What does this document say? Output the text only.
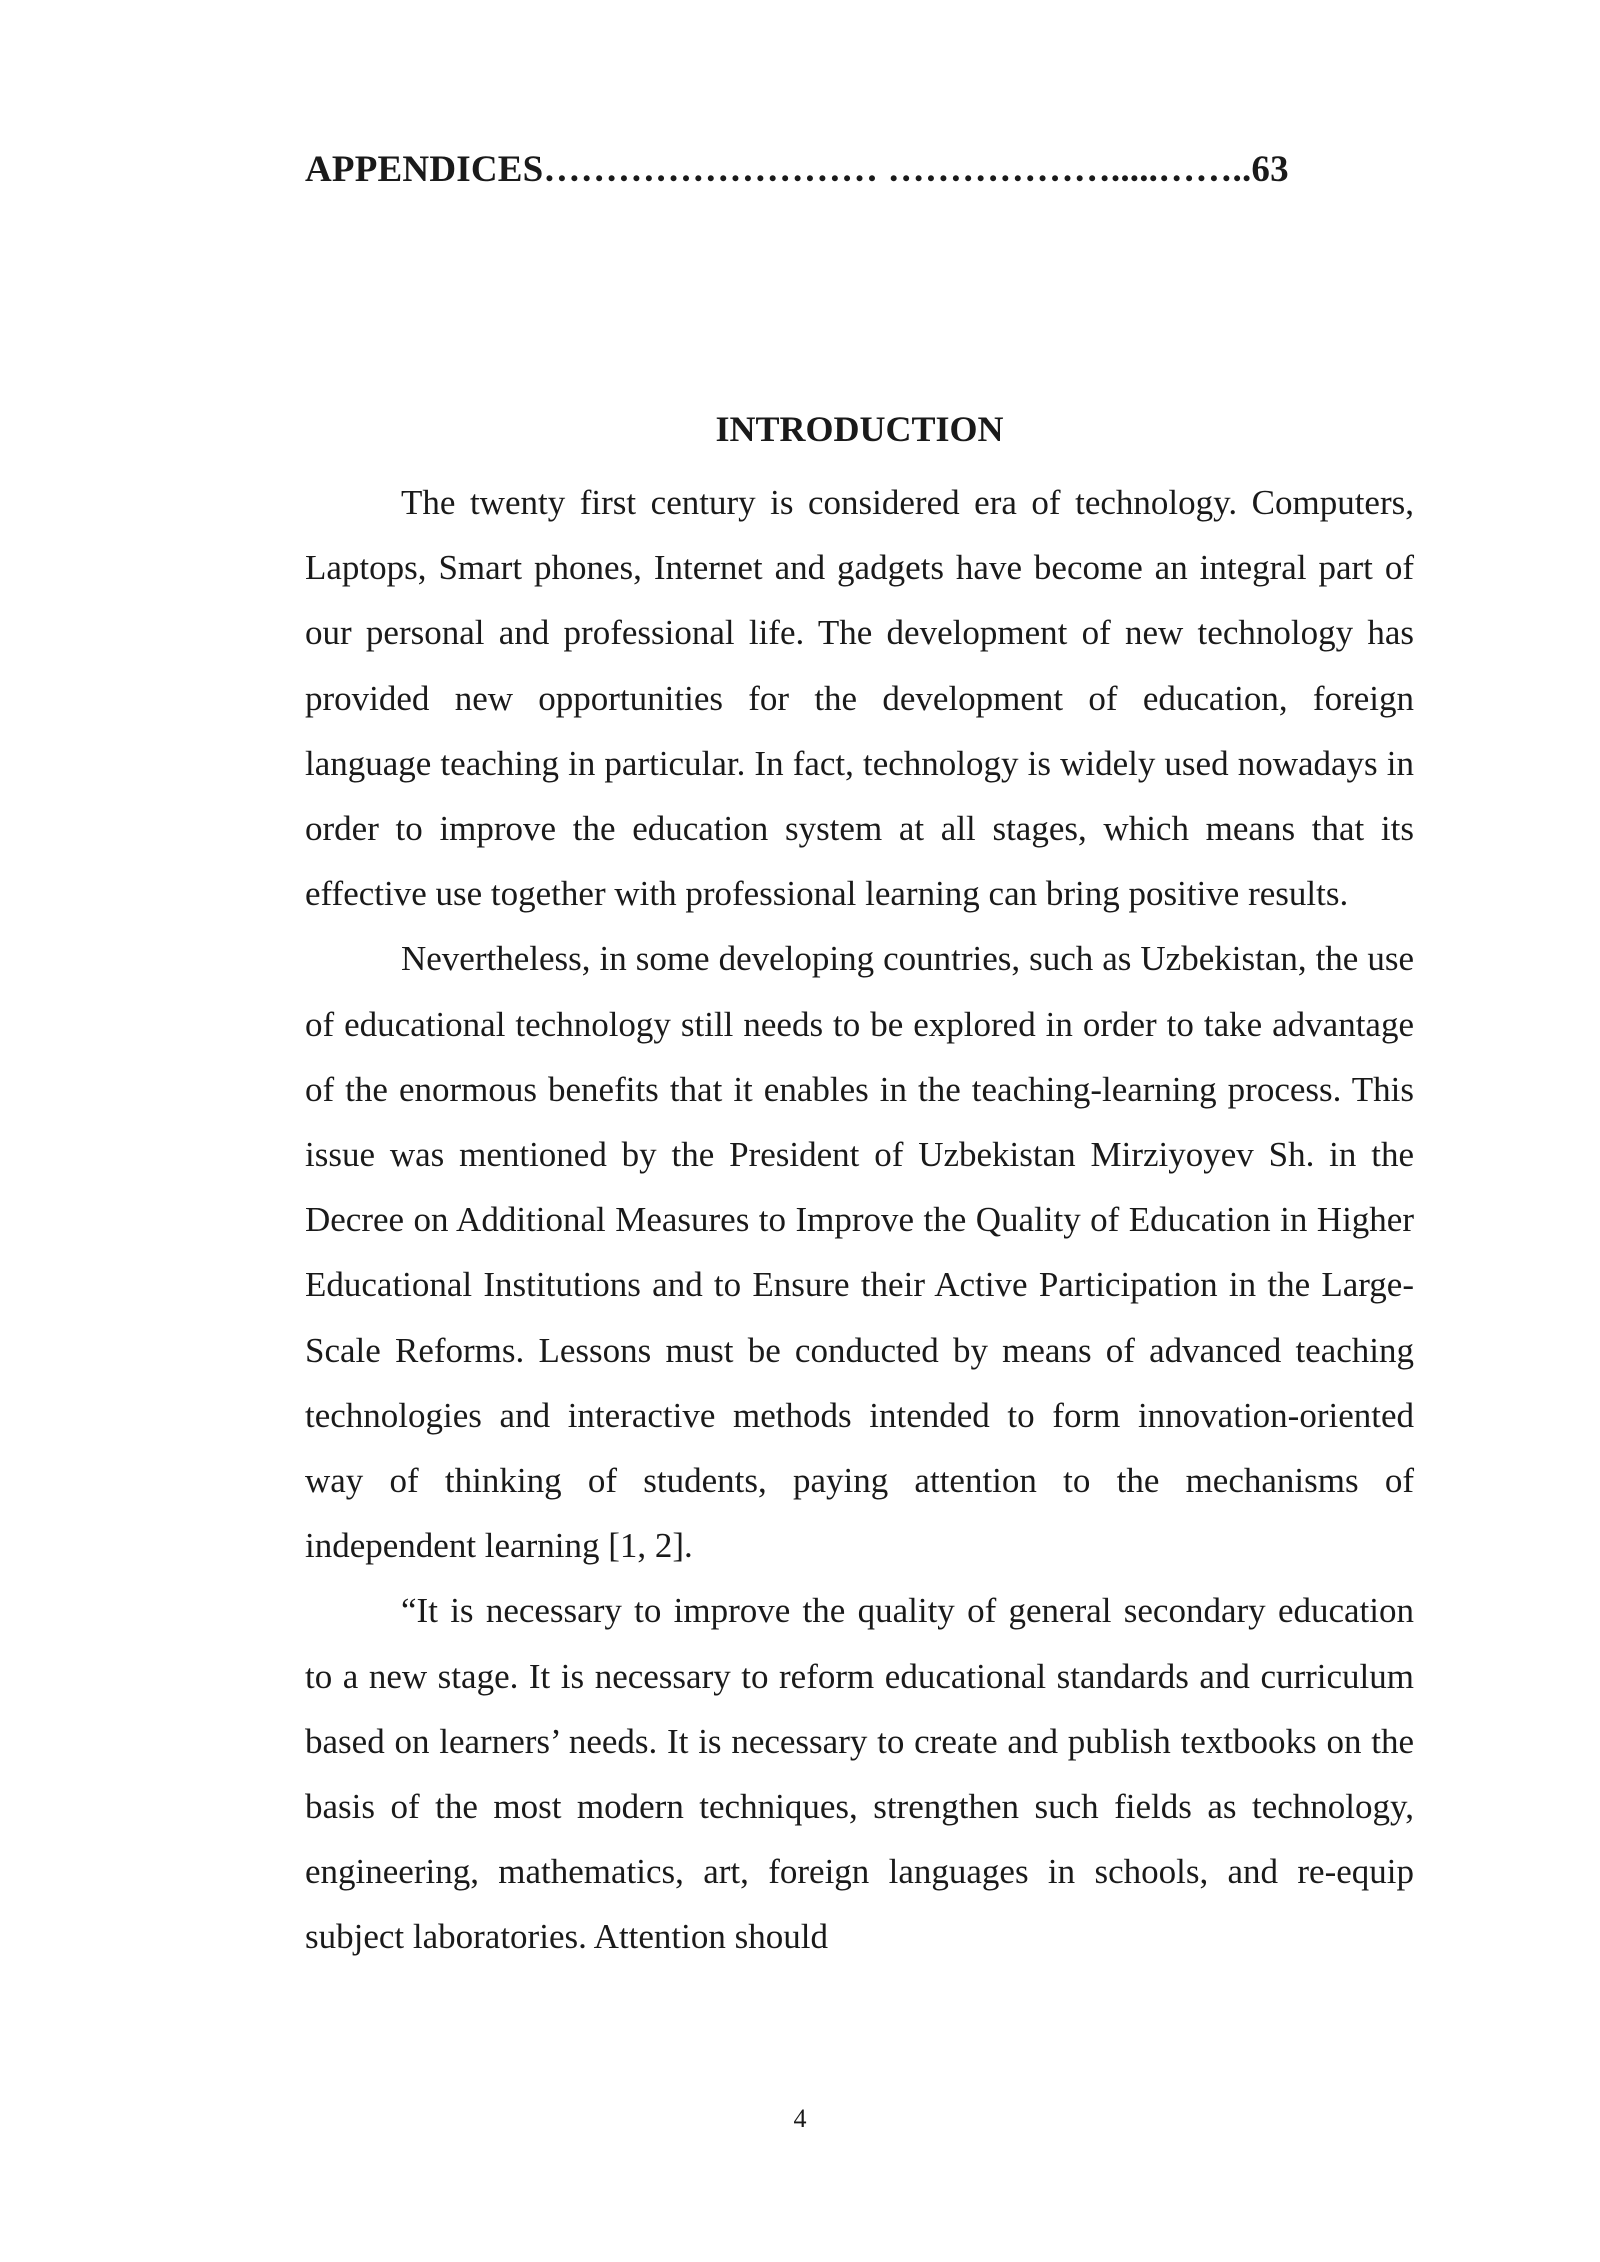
APPENDICES……………………… ……………….....……..63
INTRODUCTION

The twenty first century is considered era of technology. Computers, Laptops, Smart phones, Internet and gadgets have become an integral part of our personal and professional life. The development of new technology has provided new opportunities for the development of education, foreign language teaching in particular. In fact, technology is widely used nowadays in order to improve the education system at all stages, which means that its effective use together with professional learning can bring positive results.

Nevertheless, in some developing countries, such as Uzbekistan, the use of educational technology still needs to be explored in order to take advantage of the enormous benefits that it enables in the teaching-learning process. This issue was mentioned by the President of Uzbekistan Mirziyoyev Sh. in the Decree on Additional Measures to Improve the Quality of Education in Higher Educational Institutions and to Ensure their Active Participation in the Large-Scale Reforms. Lessons must be conducted by means of advanced teaching technologies and interactive methods intended to form innovation-oriented way of thinking of students, paying attention to the mechanisms of independent learning [1, 2].

“It is necessary to improve the quality of general secondary education to a new stage. It is necessary to reform educational standards and curriculum based on learners’ needs. It is necessary to create and publish textbooks on the basis of the most modern techniques, strengthen such fields as technology, engineering, mathematics, art, foreign languages in schools, and re-equip subject laboratories. Attention should

4
